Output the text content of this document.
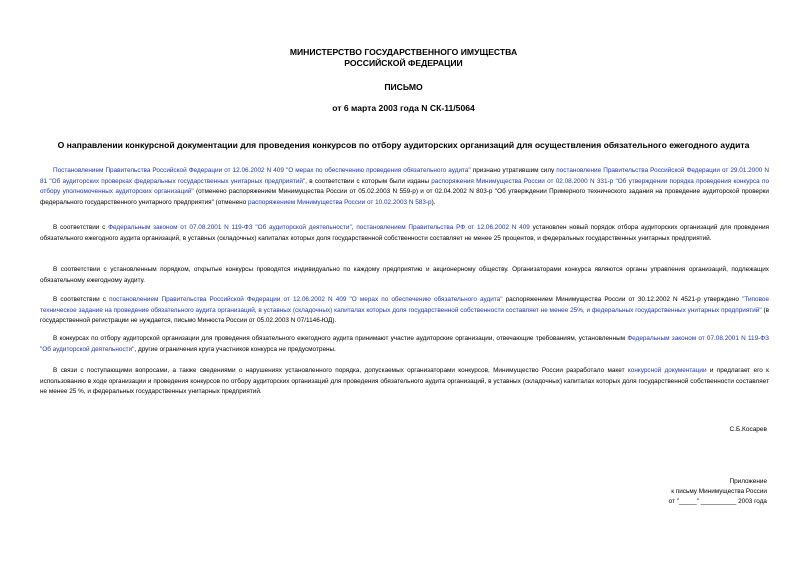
МИНИСТЕРСТВО ГОСУДАРСТВЕННОГО ИМУЩЕСТВА
РОССИЙСКОЙ ФЕДЕРАЦИИ
ПИСЬМО
от 6 марта 2003 года N СК-11/5064
О направлении конкурсной документации для проведения конкурсов по отбору аудиторских организаций для осуществления обязательного ежегодного аудита

Постановлением Правительства Российской Федерации от 12.06.2002 N 409 "О мерах по обеспечению проведения обязательного аудита" признано утратившим силу постановление Правительства Российской Федерации от 29.01.2000 N 81 "Об аудиторских проверках федеральных государственных унитарных предприятий", в соответствии с которым были изданы распоряжения Минимущества России от 02.08.2000 N 331-р "Об утверждении порядка проведения конкурса по отбору уполномоченных аудиторских организаций" (отменено распоряжением Минимущества России от 05.02.2003 N 559-р) и от 02.04.2002 N 803-р "Об утверждении Примерного технического задания на проведение аудиторской проверки федерального государственного унитарного предприятия" (отменено распоряжением Минимущества России от 10.02.2003 N 583-р).

В соответствии с Федеральным законом от 07.08.2001 N 119-ФЗ "Об аудиторской деятельности", постановлением Правительства РФ от 12.06.2002 N 409 установлен новый порядок отбора аудиторских организаций для проведения обязательного ежегодного аудита организаций, в уставных (складочных) капиталах которых доля государственной собственности составляет не менее 25 процентов, и федеральных государственных унитарных предприятий.

В соответствии с установленным порядком, открытые конкурсы проводятся индивидуально по каждому предприятию и акционерному обществу. Организаторами конкурса являются органы управления организаций, подлежащих обязательному ежегодному аудиту.

В соответствии с постановлением Правительства Российской Федерации от 12.06.2002 N 409 "О мерах по обеспечению обязательного аудита" распоряжением Минимущества России от 30.12.2002 N 4521-р утверждено "Типовое техническое задание на проведение обязательного аудита организаций, в уставных (складочных) капиталах которых доля государственной собственности составляет не менее 25%, и федеральных государственных унитарных предприятий" (в государственной регистрации не нуждается, письмо Минюста России от 05.02.2003 N 07/1146-ЮД).

В конкурсах по отбору аудиторской организации для проведения обязательного ежегодного аудита принимают участие аудиторские организации, отвечающие требованиям, установленным Федеральным законом от 07.08.2001 N 119-ФЗ "Об аудиторской деятельности", другие ограничения круга участников конкурса не предусмотрены.

В связи с поступающими вопросами, а также сведениями о нарушениях установленного порядка, допускаемых организаторами конкурсов, Минимущество России разработало макет конкурсной документации и предлагает его к использованию в ходе организации и проведения конкурсов по отбору аудиторских организаций для проведения обязательного аудита организаций, в уставных (складочных) капиталах которых доля государственной собственности составляет не менее 25 %, и федеральных государственных унитарных предприятий.

С.Б.Косарев
Приложение
к письму Минимущества России
от "_____" __________ 2003 года
